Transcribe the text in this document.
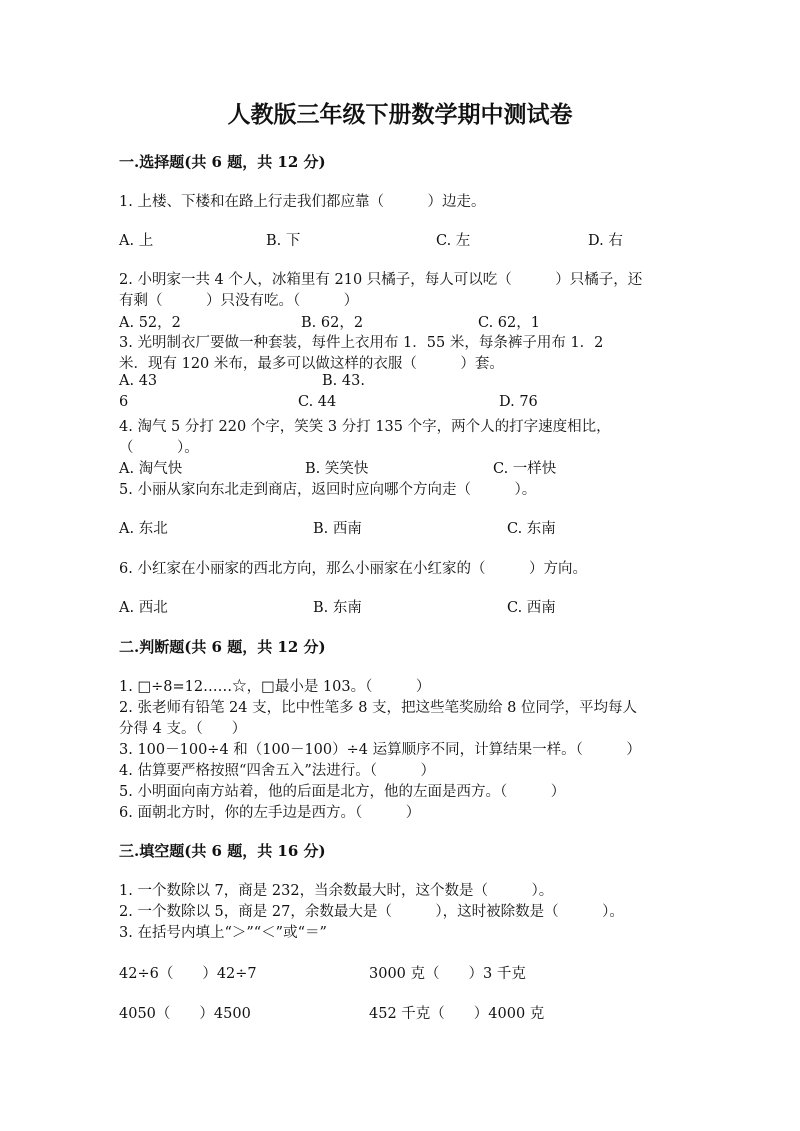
人教版三年级下册数学期中测试卷
一.选择题(共 6 题，共 12 分)
1. 上楼、下楼和在路上行走我们都应靠（　　　）边走。
A. 上	B. 下	C. 左	D. 右
2. 小明家一共 4 个人，冰箱里有 210 只橘子，每人可以吃（　　　）只橘子，还
有剩（　　　）只没有吃。（　　　）
A. 52，2	B. 62，2	C. 62，1
3. 光明制衣厂要做一种套装，每件上衣用布 1．55 米，每条裤子用布 1．2
米．现有 120 米布，最多可以做这样的衣服（　　　）套。
A. 43	B. 43.
6	C. 44	D. 76
4. 淘气 5 分打 220 个字，笑笑 3 分打 135 个字，两个人的打字速度相比，
（　　　）。
A. 淘气快	B. 笑笑快	C. 一样快
5. 小丽从家向东北走到商店，返回时应向哪个方向走（　　　）。
A. 东北	B. 西南	C. 东南
6. 小红家在小丽家的西北方向，那么小丽家在小红家的（　　　）方向。
A. 西北	B. 东南	C. 西南
二.判断题(共 6 题，共 12 分)
1. □÷8=12……☆，□最小是 103。（　　　）
2. 张老师有铅笔 24 支，比中性笔多 8 支，把这些笔奖励给 8 位同学，平均每人
分得 4 支。（　　）
3. 100－100÷4 和（100－100）÷4 运算顺序不同，计算结果一样。（　　　）
4. 估算要严格按照“四舍五入”法进行。（　　　）
5. 小明面向南方站着，他的后面是北方，他的左面是西方。（　　　）
6. 面朝北方时，你的左手边是西方。（　　　）
三.填空题(共 6 题，共 16 分)
1. 一个数除以 7，商是 232，当余数最大时，这个数是（　　　）。
2. 一个数除以 5，商是 27，余数最大是（　　　），这时被除数是（　　　）。
3. 在括号内填上“＞”“＜”或“＝”
42÷6（　　）42÷7	3000 克（　　）3 千克
4050（　　）4500	452 千克（　　）4000 克
